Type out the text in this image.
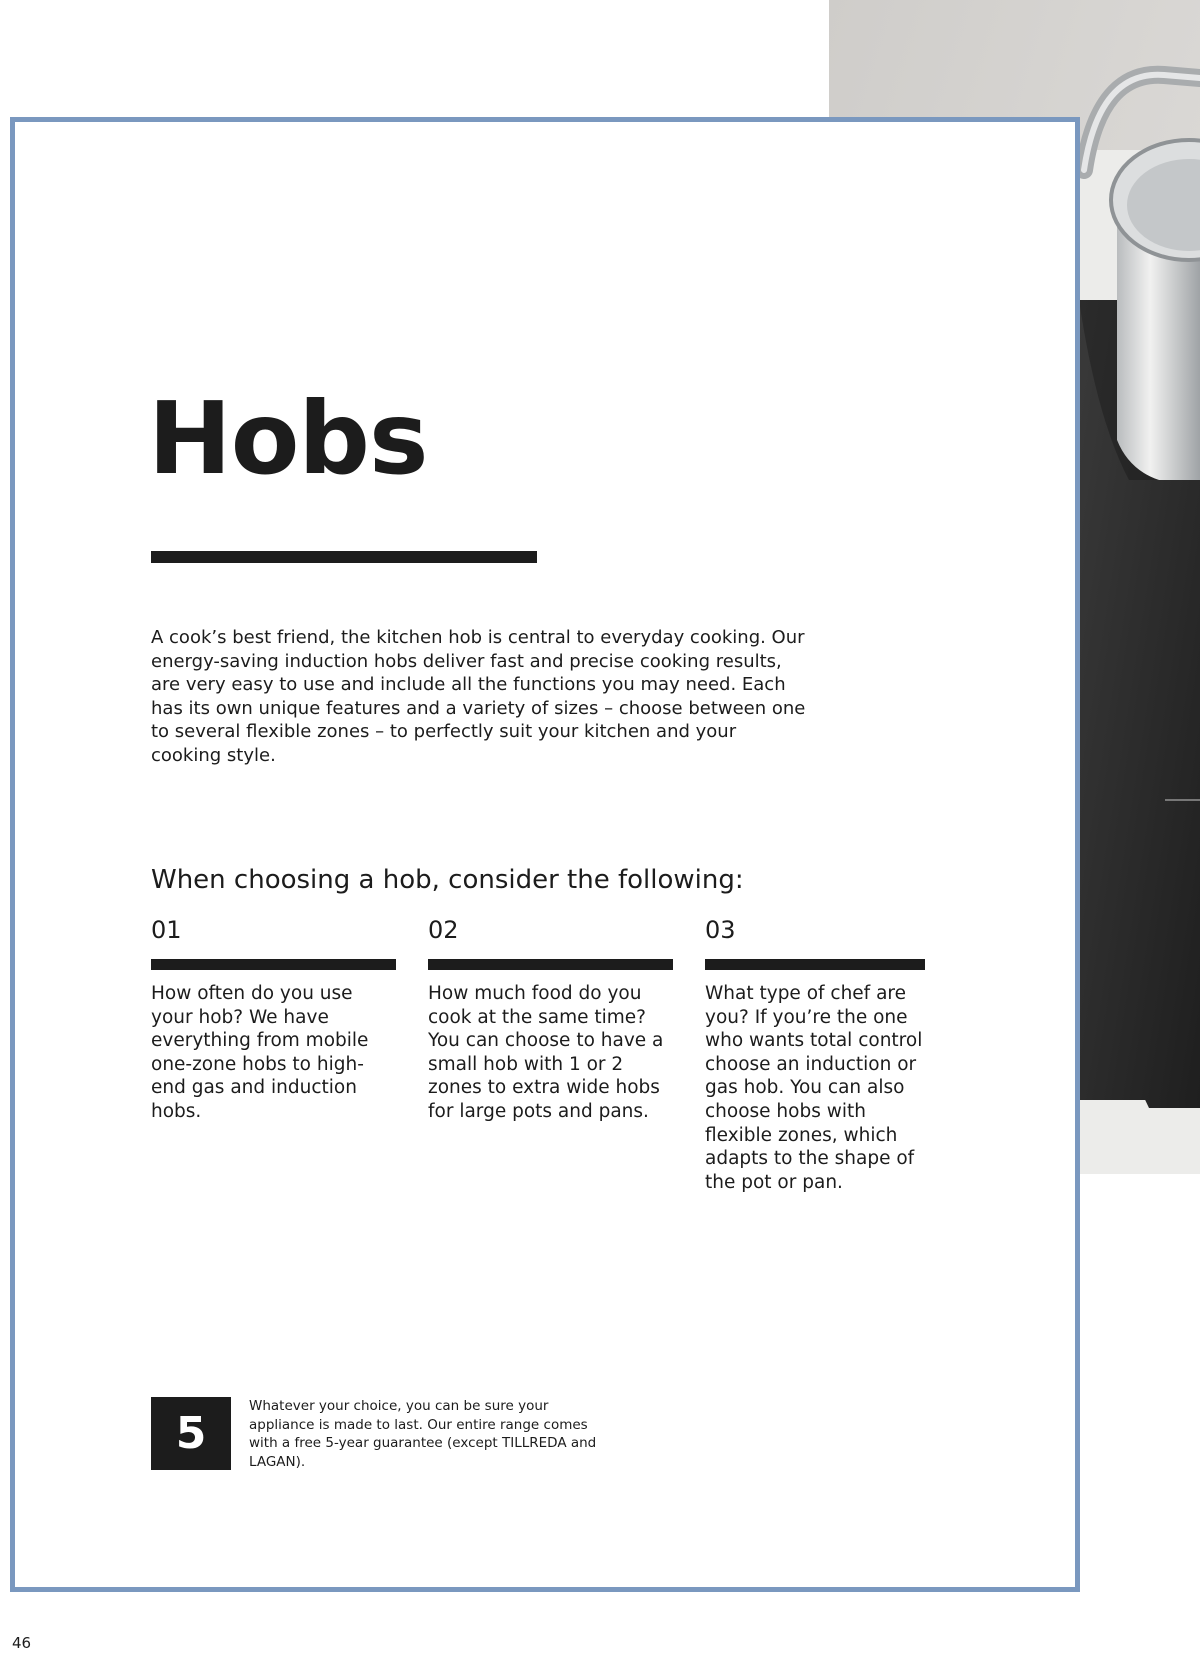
Hobs

A cook’s best friend, the kitchen hob is central to everyday cooking. Our energy-saving induction hobs deliver fast and precise cooking results, are very easy to use and include all the functions you may need. Each has its own unique features and a variety of sizes – choose between one to several flexible zones – to perfectly suit your kitchen and your cooking style.

When choosing a hob, consider the following:
01
How often do you use your hob? We have everything from mobile one-zone hobs to high-end gas and induction hobs.
02
How much food do you cook at the same time? You can choose to have a small hob with 1 or 2 zones to extra wide hobs for large pots and pans.
03
What type of chef are you? If you’re the one who wants total control choose an induction or gas hob. You can also choose hobs with flexible zones, which adapts to the shape of the pot or pan.
5

Whatever your choice, you can be sure your appliance is made to last. Our entire range comes with a free 5-year guarantee (except TILLREDA and LAGAN).

46
